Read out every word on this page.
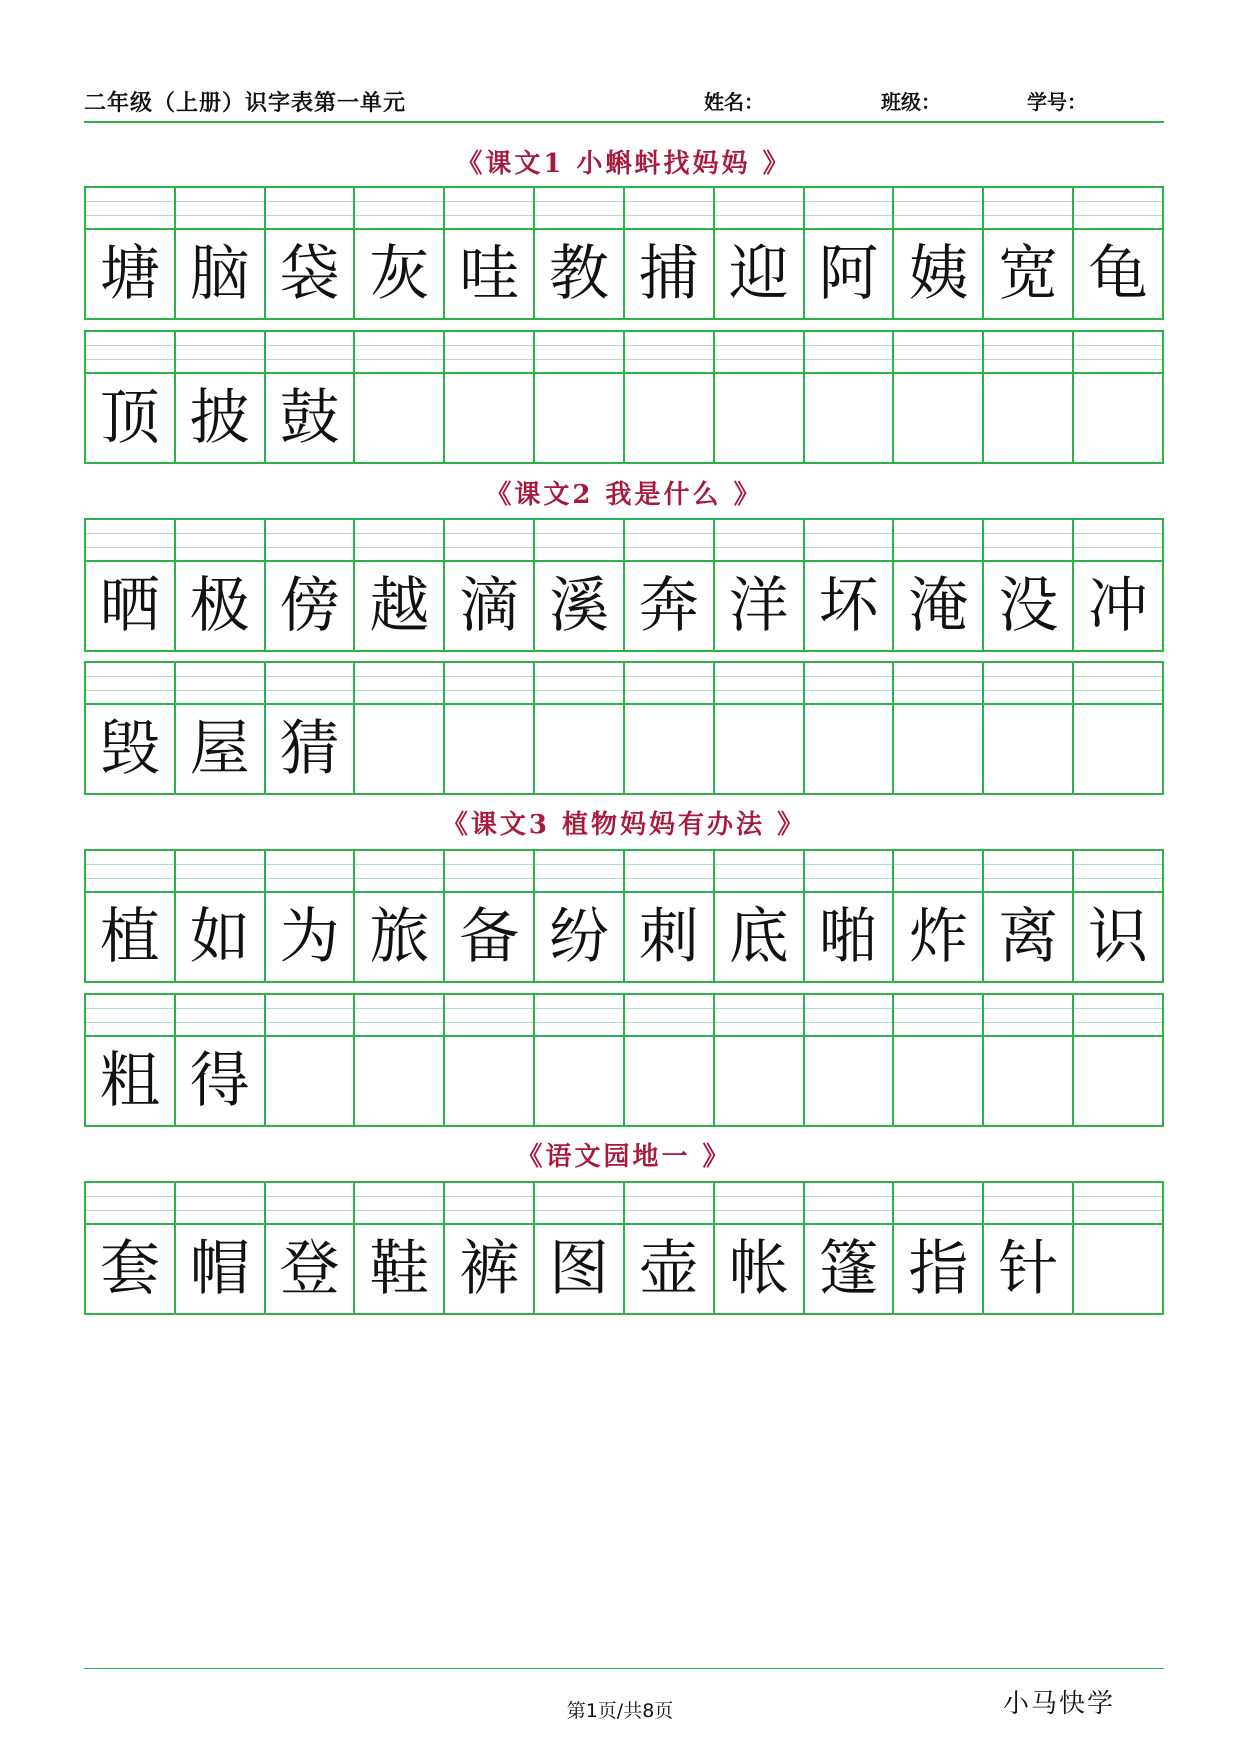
二年级（上册）识字表第一单元	姓名：	班级：	学号：
《课文1 小蝌蚪找妈妈 》
塘 脑 袋 灰 哇 教 捕 迎 阿 姨 宽 龟
顶 披 鼓
《课文2 我是什么 》
晒 极 傍 越 滴 溪 奔 洋 坏 淹 没 冲
毁 屋 猜
《课文3 植物妈妈有办法 》
植 如 为 旅 备 纷 刺 底 啪 炸 离 识
粗 得
《语文园地一 》
套 帽 登 鞋 裤 图 壶 帐 篷 指 针
第1页/共8页	小马快学
